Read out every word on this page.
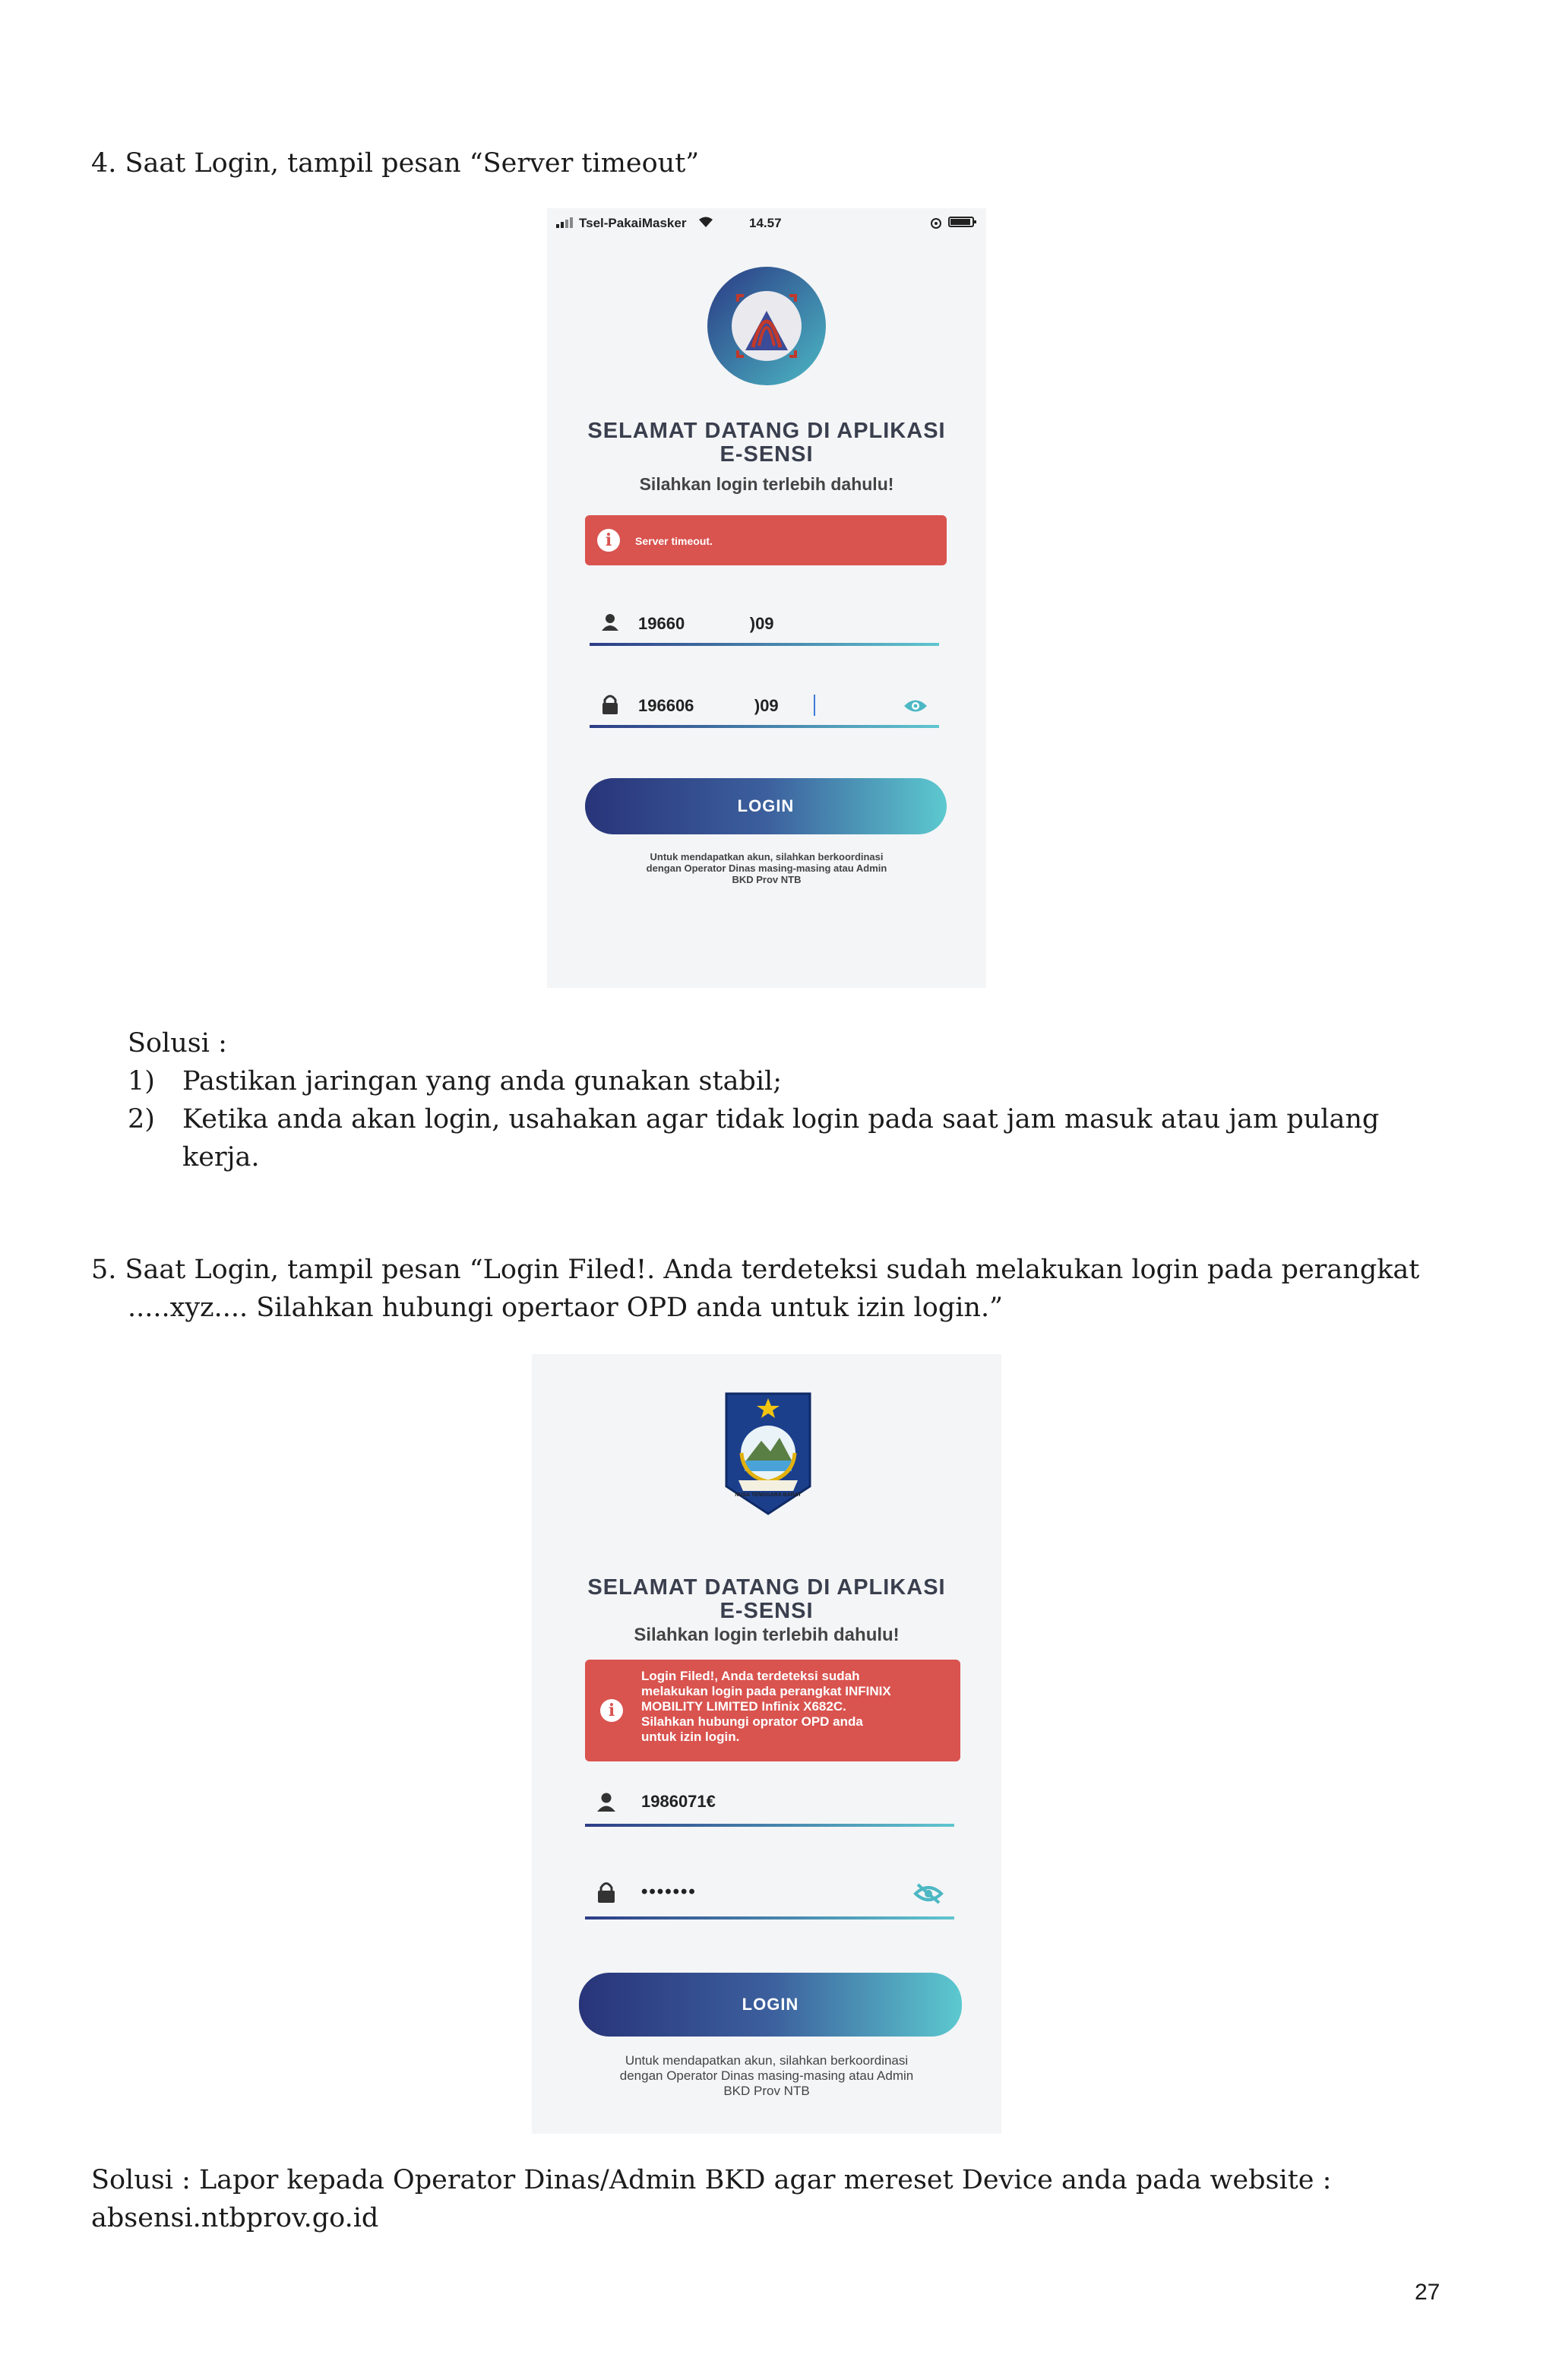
4. Saat Login, tampil pesan “Server timeout”
Tsel-PakaiMasker	14.57
SELAMAT DATANG DI APLIKASI
E-SENSI
Silahkan login terlebih dahulu!
i	Server timeout.
19660              )09
196606             )09
LOGIN
Untuk mendapatkan akun, silahkan berkoordinasi
dengan Operator Dinas masing-masing atau Admin
BKD Prov NTB
Solusi :
1) Pastikan jaringan yang anda gunakan stabil;
2) Ketika anda akan login, usahakan agar tidak login pada saat jam masuk atau jam pulang
kerja.
5. Saat Login, tampil pesan “Login Filed!. Anda terdeteksi sudah melakukan login pada perangkat
.....xyz.... Silahkan hubungi opertaor OPD anda untuk izin login.”
NUSA TENGGARA BARAT
SELAMAT DATANG DI APLIKASI
E-SENSI
Silahkan login terlebih dahulu!
i
Login Filed!, Anda terdeteksi sudah
melakukan login pada perangkat INFINIX
MOBILITY LIMITED Infinix X682C.
Silahkan hubungi oprator OPD anda
untuk izin login.
1986071€
•••••••
LOGIN
Untuk mendapatkan akun, silahkan berkoordinasi
dengan Operator Dinas masing-masing atau Admin
BKD Prov NTB
Solusi : Lapor kepada Operator Dinas/Admin BKD agar mereset Device anda pada website :
absensi.ntbprov.go.id
27
